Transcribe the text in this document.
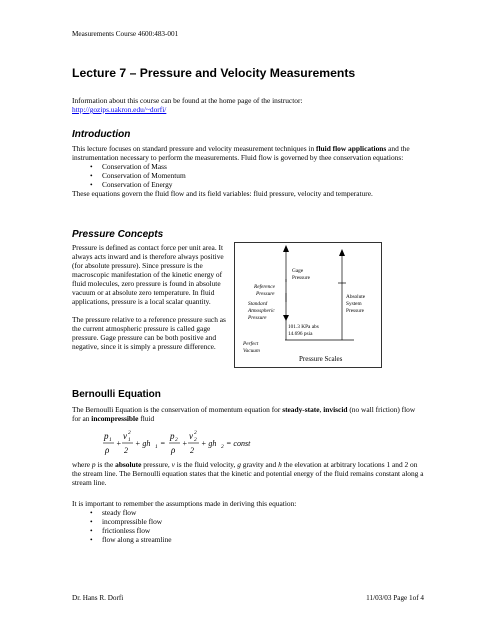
Measurements Course 4600:483-001
Lecture 7 – Pressure and Velocity Measurements
Information about this course can be found at the home page of the instructor:
http://gozips.uakron.edu/~dorfi/
Introduction
This lecture focuses on standard pressure and velocity measurement techniques in fluid flow applications and the instrumentation necessary to perform the measurements. Fluid flow is governed by thee conservation equations:
• Conservation of Mass
• Conservation of Momentum
• Conservation of Energy
These equations govern the fluid flow and its field variables: fluid pressure, velocity and temperature.
Pressure Concepts
Pressure is defined as contact force per unit area. It always acts inward and is therefore always positive (for absolute pressure). Since pressure is the macroscopic manifestation of the kinetic energy of fluid molecules, zero pressure is found in absolute vacuum or at absolute zero temperature. In fluid applications, pressure is a local scalar quantity.
The pressure relative to a reference pressure such as the current atmospheric pressure is called gage pressure. Gage pressure can be both positive and negative, since it is simply a pressure difference.
Gage
Pressure
Reference
Pressure
Standard
Atmospheric
Pressure
Absolute
System
Pressure
101.3 KPa abs
14.696 psia
Perfect
Vacuum
Pressure Scales
Bernoulli Equation
The Bernoulli Equation is the conservation of momentum equation for steady-state, inviscid (no wall friction) flow for an incompressible fluid
p 1
ρ
+
v 2
1
2
+ gh 1 =
p 2
ρ
+
v 2
2
2
+ gh 2 = const
where p is the absolute pressure, v is the fluid velocity, g gravity and h the elevation at arbitrary locations 1 and 2 on the stream line. The Bernoulli equation states that the kinetic and potential energy of the fluid remains constant along a stream line.
It is important to remember the assumptions made in deriving this equation:
• steady flow
• incompressible flow
• frictionless flow
• flow along a streamline
Dr. Hans R. Dorfi	11/03/03 Page 1of 4
